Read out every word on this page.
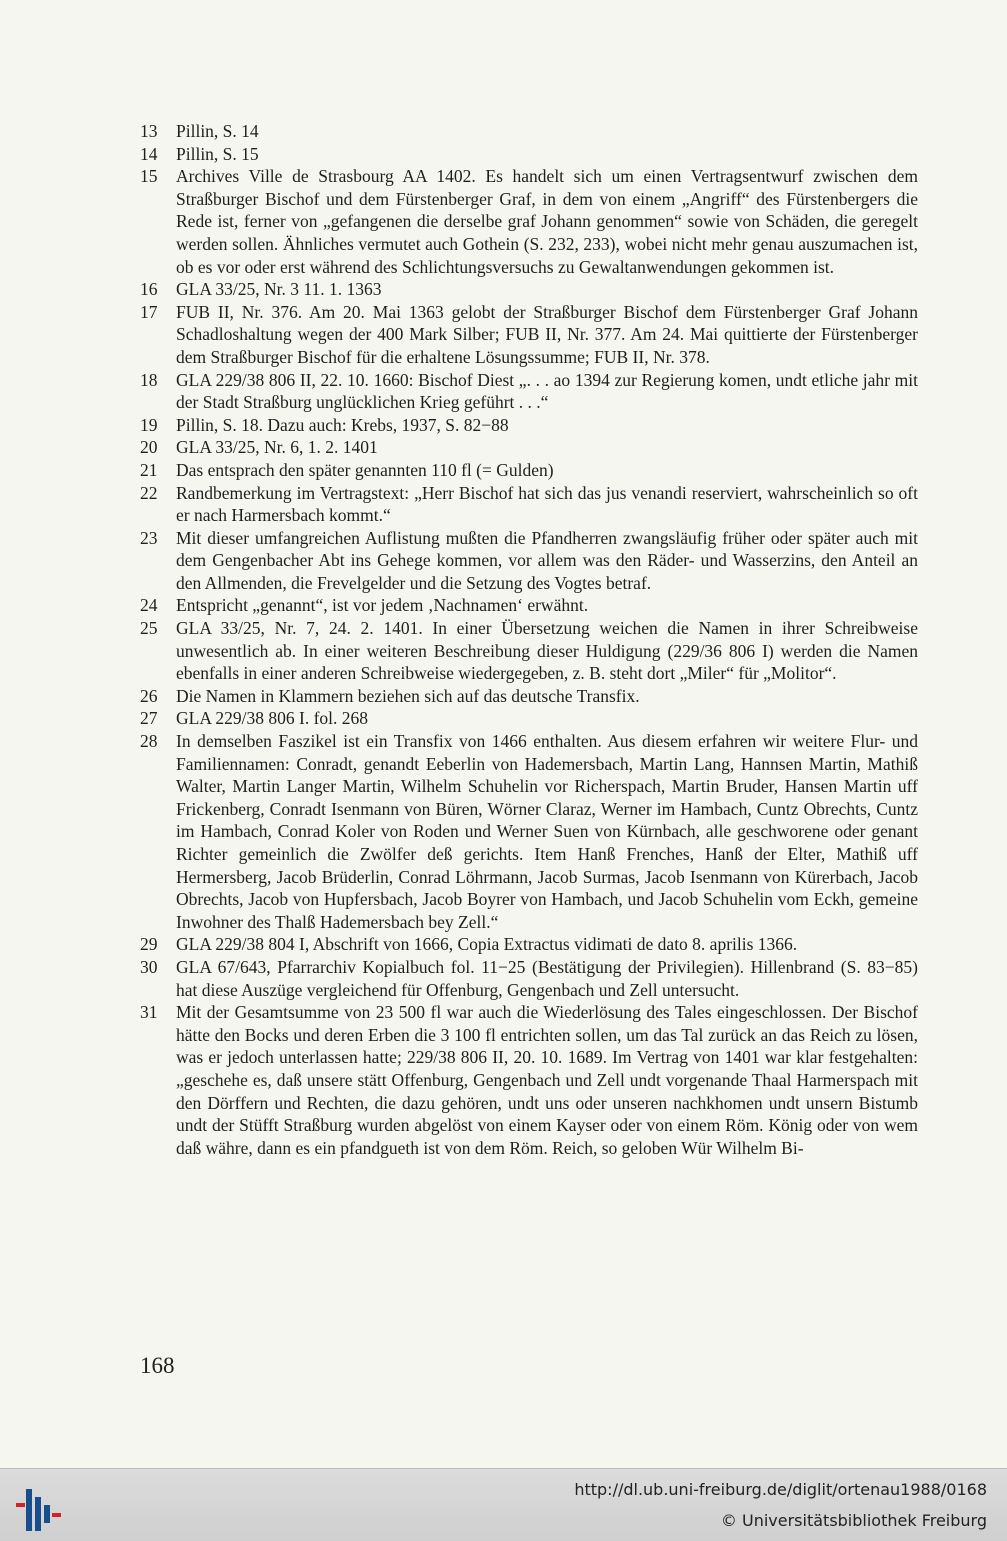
13	Pillin, S. 14
14	Pillin, S. 15
15	Archives Ville de Strasbourg AA 1402. Es handelt sich um einen Vertragsentwurf zwischen dem Straßburger Bischof und dem Fürstenberger Graf, in dem von einem „Angriff“ des Fürstenbergers die Rede ist, ferner von „gefangenen die derselbe graf Johann genommen“ sowie von Schäden, die geregelt werden sollen. Ähnliches vermutet auch Gothein (S. 232, 233), wobei nicht mehr genau auszumachen ist, ob es vor oder erst während des Schlichtungsversuchs zu Gewaltanwendungen gekommen ist.
16	GLA 33/25, Nr. 3 11. 1. 1363
17	FUB II, Nr. 376. Am 20. Mai 1363 gelobt der Straßburger Bischof dem Fürstenberger Graf Johann Schadloshaltung wegen der 400 Mark Silber; FUB II, Nr. 377. Am 24. Mai quittierte der Fürstenberger dem Straßburger Bischof für die erhaltene Lösungssumme; FUB II, Nr. 378.
18	GLA 229/38 806 II, 22. 10. 1660: Bischof Diest „. . . ao 1394 zur Regierung komen, undt etliche jahr mit der Stadt Straßburg unglücklichen Krieg geführt . . .“
19	Pillin, S. 18. Dazu auch: Krebs, 1937, S. 82−88
20	GLA 33/25, Nr. 6, 1. 2. 1401
21	Das entsprach den später genannten 110 fl (= Gulden)
22	Randbemerkung im Vertragstext: „Herr Bischof hat sich das jus venandi reserviert, wahrscheinlich so oft er nach Harmersbach kommt.“
23	Mit dieser umfangreichen Auflistung mußten die Pfandherren zwangsläufig früher oder später auch mit dem Gengenbacher Abt ins Gehege kommen, vor allem was den Räder- und Wasserzins, den Anteil an den Allmenden, die Frevelgelder und die Setzung des Vogtes betraf.
24	Entspricht „genannt“, ist vor jedem ‚Nachnamen‘ erwähnt.
25	GLA 33/25, Nr. 7, 24. 2. 1401. In einer Übersetzung weichen die Namen in ihrer Schreibweise unwesentlich ab. In einer weiteren Beschreibung dieser Huldigung (229/36 806 I) werden die Namen ebenfalls in einer anderen Schreibweise wiedergegeben, z. B. steht dort „Miler“ für „Molitor“.
26	Die Namen in Klammern beziehen sich auf das deutsche Transfix.
27	GLA 229/38 806 I. fol. 268
28	In demselben Faszikel ist ein Transfix von 1466 enthalten. Aus diesem erfahren wir weitere Flur- und Familiennamen: Conradt, genandt Eeberlin von Hademersbach, Martin Lang, Hannsen Martin, Mathiß Walter, Martin Langer Martin, Wilhelm Schuhelin vor Richerspach, Martin Bruder, Hansen Martin uff Frickenberg, Conradt Isenmann von Büren, Wörner Claraz, Werner im Hambach, Cuntz Obrechts, Cuntz im Hambach, Conrad Koler von Roden und Werner Suen von Kürnbach, alle geschworene oder genant Richter gemeinlich die Zwölfer deß gerichts. Item Hanß Frenches, Hanß der Elter, Mathiß uff Hermersberg, Jacob Brüderlin, Conrad Löhrmann, Jacob Surmas, Jacob Isenmann von Kürerbach, Jacob Obrechts, Jacob von Hupfersbach, Jacob Boyrer von Hambach, und Jacob Schuhelin vom Eckh, gemeine Inwohner des Thalß Hademersbach bey Zell.“
29	GLA 229/38 804 I, Abschrift von 1666, Copia Extractus vidimati de dato 8. aprilis 1366.
30	GLA 67/643, Pfarrarchiv Kopialbuch fol. 11−25 (Bestätigung der Privilegien). Hillenbrand (S. 83−85) hat diese Auszüge vergleichend für Offenburg, Gengenbach und Zell untersucht.
31	Mit der Gesamtsumme von 23 500 fl war auch die Wiederlösung des Tales eingeschlossen. Der Bischof hätte den Bocks und deren Erben die 3 100 fl entrichten sollen, um das Tal zurück an das Reich zu lösen, was er jedoch unterlassen hatte; 229/38 806 II, 20. 10. 1689. Im Vertrag von 1401 war klar festgehalten: „geschehe es, daß unsere stätt Offenburg, Gengenbach und Zell undt vorgenande Thaal Harmerspach mit den Dörffern und Rechten, die dazu gehören, undt uns oder unseren nachkhomen undt unsern Bistumb undt der Stüfft Straßburg wurden abgelöst von einem Kayser oder von einem Röm. König oder von wem daß währe, dann es ein pfandgueth ist von dem Röm. Reich, so geloben Wür Wilhelm Bi-
168
http://dl.ub.uni-freiburg.de/diglit/ortenau1988/0168
© Universitätsbibliothek Freiburg
